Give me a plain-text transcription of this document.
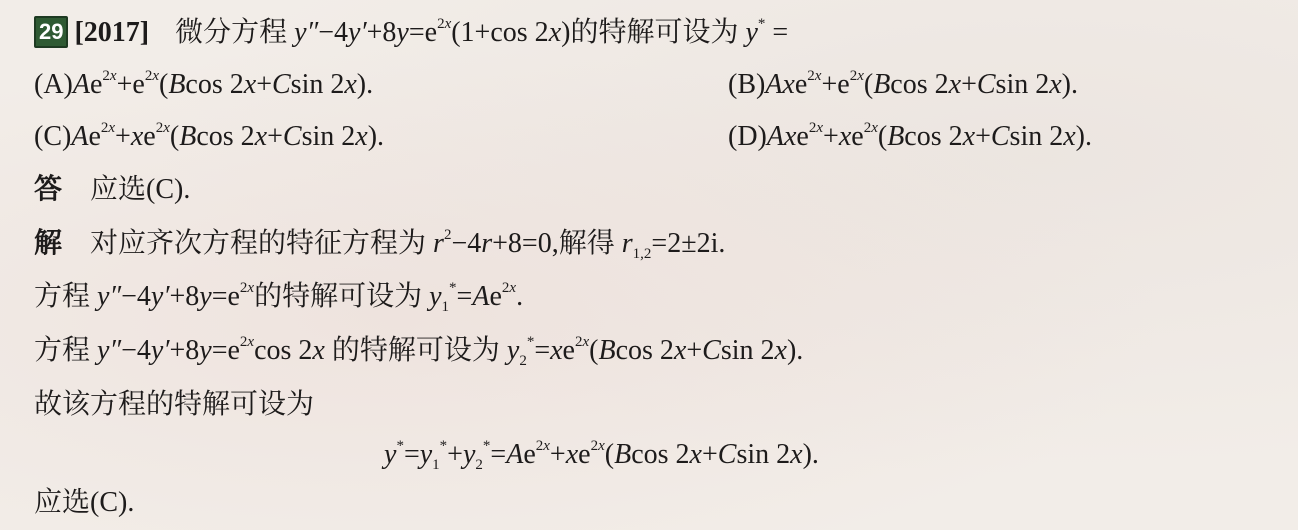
29 [2017] 微分方程 $y''-4y'+8y=e^{2x}(1+\cos$ 2x)的特解可设为 y* =
$(A)Ae^{2x}+e^{2x}(Bcos$ 2x+Csin 2x).	$(B)Axe^{2x}+e^{2x}(Bcos$ 2x+Csin 2x).
$(C)Ae^{2x}+xe^{2x}(Bcos$ 2x+Csin 2x).	$(D)Axe^{2x}+xe^{2x}(Bcos$ 2x+Csin 2x).
答 应选(C).
解 对应齐次方程的特征方程为 $r^2-4r+8=0$,解得 $r_{1,2}=2\pm 2i$.
方程 $y''-4y'+8y=e^{2x}$的特解可设为 $y_1^*=Ae^{2x}$.
方程 $y''-4y'+8y=e^{2x}\cos$ 2x 的特解可设为 $y_2^*=xe^{2x}(Bcos$ 2x+Csin 2x).
故该方程的特解可设为
$y^*=y_1^*+y_2^*=Ae^{2x}+xe^{2x}(Bcos$ 2x+Csin 2x).
应选(C).
